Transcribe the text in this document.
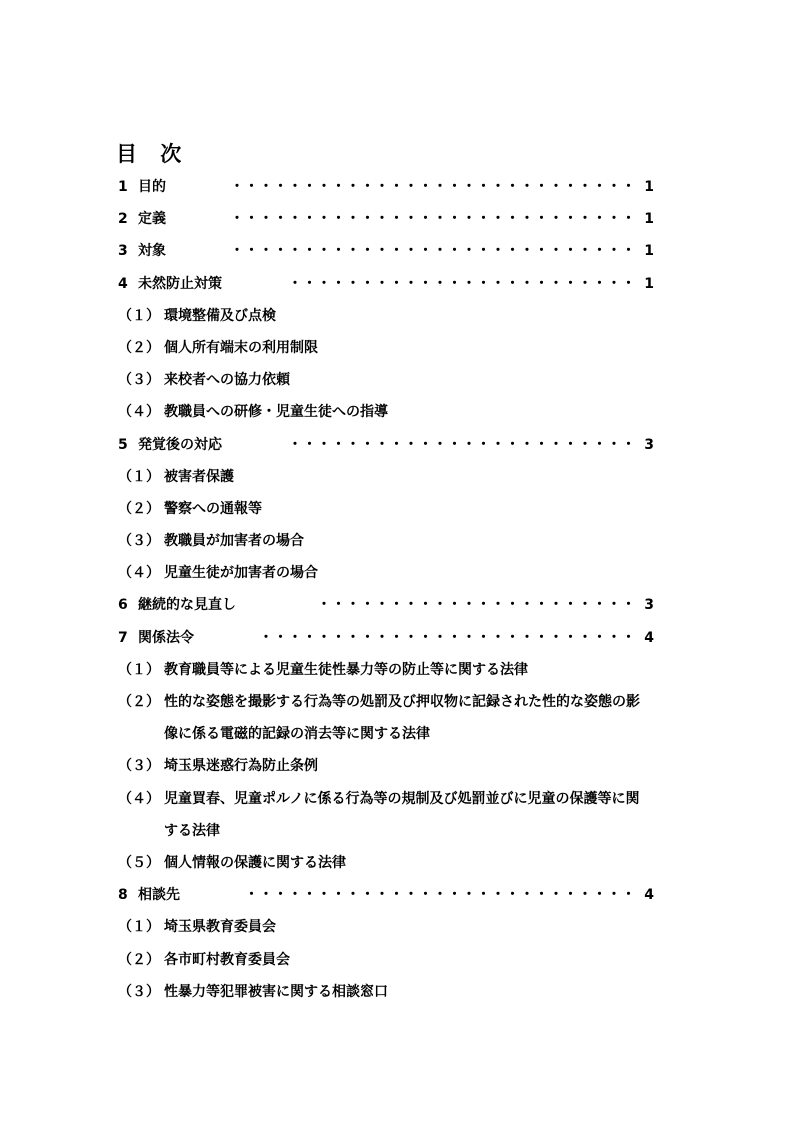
目 次
1 目的	・・・・・・・・・・・・・・・・・・・・・・・・・・・・ 1
2 定義	・・・・・・・・・・・・・・・・・・・・・・・・・・・・ 1
3 対象	・・・・・・・・・・・・・・・・・・・・・・・・・・・・ 1
4 未然防止対策	・・・・・・・・・・・・・・・・・・・・・・・・ 1
（１） 環境整備及び点検
（２） 個人所有端末の利用制限
（３） 来校者への協力依頼
（４） 教職員への研修・児童生徒への指導
5 発覚後の対応	・・・・・・・・・・・・・・・・・・・・・・・・ 3
（１） 被害者保護
（２） 警察への通報等
（３） 教職員が加害者の場合
（４） 児童生徒が加害者の場合
6 継続的な見直し	・・・・・・・・・・・・・・・・・・・・・・ 3
7 関係法令	・・・・・・・・・・・・・・・・・・・・・・・・・・ 4
（１） 教育職員等による児童生徒性暴力等の防止等に関する法律
（２） 性的な姿態を撮影する行為等の処罰及び押収物に記録された性的な姿態の影像に係る電磁的記録の消去等に関する法律
（３） 埼玉県迷惑行為防止条例
（４） 児童買春、児童ポルノに係る行為等の規制及び処罰並びに児童の保護等に関する法律
（５） 個人情報の保護に関する法律
8 相談先	・・・・・・・・・・・・・・・・・・・・・・・・・・・ 4
（１） 埼玉県教育委員会
（２） 各市町村教育委員会
（３） 性暴力等犯罪被害に関する相談窓口
